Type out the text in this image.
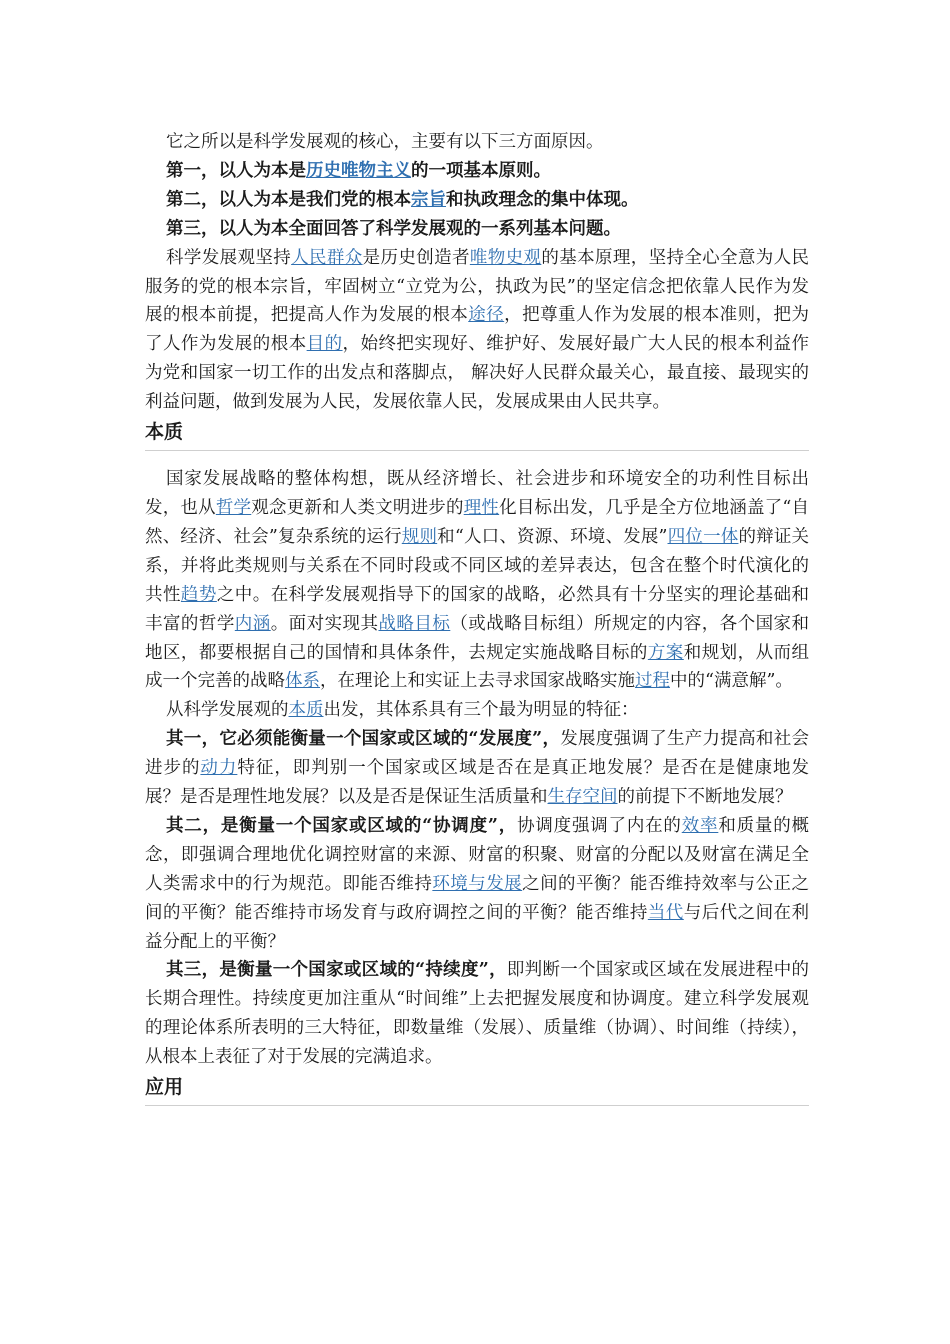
它之所以是科学发展观的核心，主要有以下三方面原因。

第一，以人为本是历史唯物主义的一项基本原则。

第二，以人为本是我们党的根本宗旨和执政理念的集中体现。

第三，以人为本全面回答了科学发展观的一系列基本问题。

科学发展观坚持人民群众是历史创造者唯物史观的基本原理，坚持全心全意为人民服务的党的根本宗旨，牢固树立“立党为公，执政为民”的坚定信念把依靠人民作为发展的根本前提，把提高人作为发展的根本途径，把尊重人作为发展的根本准则，把为了人作为发展的根本目的，始终把实现好、维护好、发展好最广大人民的根本利益作为党和国家一切工作的出发点和落脚点， 解决好人民群众最关心，最直接、最现实的利益问题，做到发展为人民，发展依靠人民，发展成果由人民共享。

本质

国家发展战略的整体构想，既从经济增长、社会进步和环境安全的功利性目标出发，也从哲学观念更新和人类文明进步的理性化目标出发，几乎是全方位地涵盖了“自然、经济、社会”复杂系统的运行规则和“人口、资源、环境、发展”四位一体的辩证关系，并将此类规则与关系在不同时段或不同区域的差异表达，包含在整个时代演化的共性趋势之中。在科学发展观指导下的国家的战略，必然具有十分坚实的理论基础和丰富的哲学内涵。面对实现其战略目标（或战略目标组）所规定的内容，各个国家和地区，都要根据自己的国情和具体条件，去规定实施战略目标的方案和规划，从而组成一个完善的战略体系，在理论上和实证上去寻求国家战略实施过程中的“满意解”。

从科学发展观的本质出发，其体系具有三个最为明显的特征：

其一，它必须能衡量一个国家或区域的“发展度”，发展度强调了生产力提高和社会进步的动力特征，即判别一个国家或区域是否在是真正地发展？是否在是健康地发展？是否是理性地发展？以及是否是保证生活质量和生存空间的前提下不断地发展？

其二，是衡量一个国家或区域的“协调度”，协调度强调了内在的效率和质量的概念，即强调合理地优化调控财富的来源、财富的积聚、财富的分配以及财富在满足全人类需求中的行为规范。即能否维持环境与发展之间的平衡？能否维持效率与公正之间的平衡？能否维持市场发育与政府调控之间的平衡？能否维持当代与后代之间在利益分配上的平衡？

其三，是衡量一个国家或区域的“持续度”，即判断一个国家或区域在发展进程中的长期合理性。持续度更加注重从“时间维”上去把握发展度和协调度。建立科学发展观的理论体系所表明的三大特征，即数量维（发展）、质量维（协调）、时间维（持续），从根本上表征了对于发展的完满追求。

应用
